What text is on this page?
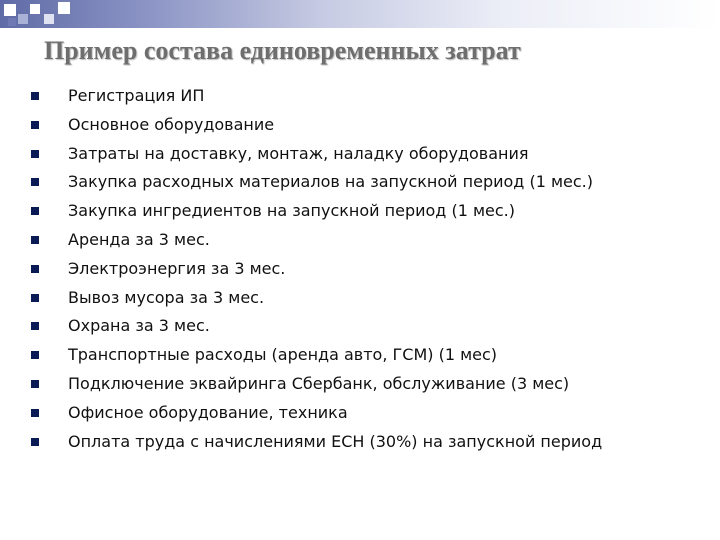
Пример состава единовременных затрат
Регистрация ИП
Основное оборудование
Затраты на доставку, монтаж, наладку оборудования
Закупка расходных материалов на запускной период (1 мес.)
Закупка ингредиентов на запускной период (1 мес.)
Аренда за 3 мес.
Электроэнергия за 3 мес.
Вывоз мусора за 3 мес.
Охрана за 3 мес.
Транспортные расходы (аренда авто, ГСМ) (1 мес)
Подключение эквайринга Сбербанк, обслуживание (3 мес)
Офисное оборудование, техника
Оплата труда с начислениями ЕСН (30%) на запускной период
